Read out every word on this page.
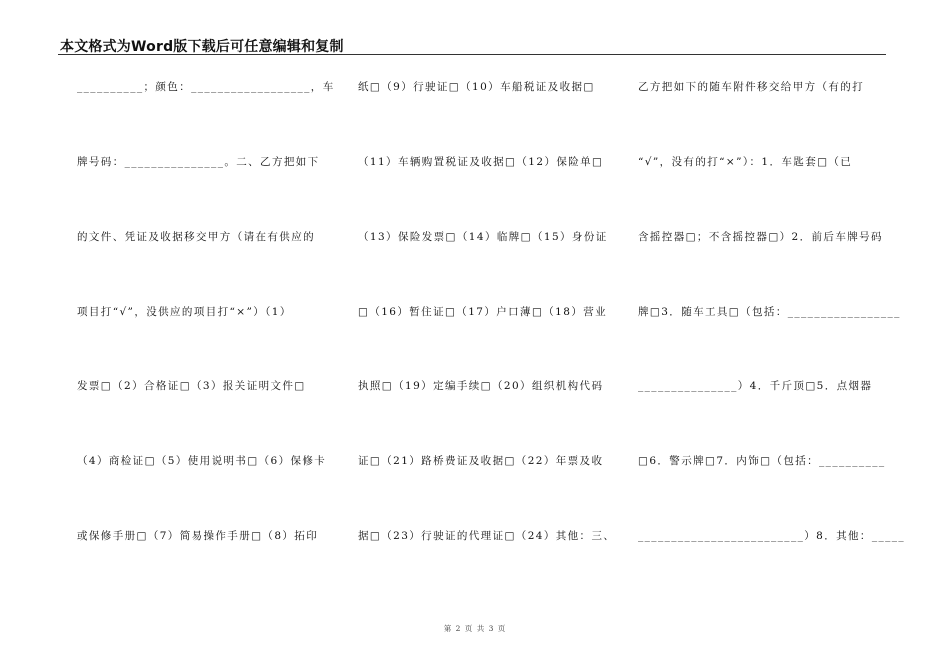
本文格式为Word版下载后可任意编辑和复制
__________；颜色：__________________，车
牌号码：_______________。二、乙方把如下
的文件、凭证及收据移交甲方（请在有供应的
项目打“√”，没供应的项目打“×”）（1）
发票□（2）合格证□（3）报关证明文件□
（4）商检证□（5）使用说明书□（6）保修卡
或保修手册□（7）简易操作手册□（8）拓印
纸□（9）行驶证□（10）车船税证及收据□
（11）车辆购置税证及收据□（12）保险单□
（13）保险发票□（14）临牌□（15）身份证
□（16）暂住证□（17）户口薄□（18）营业
执照□（19）定编手续□（20）组织机构代码
证□（21）路桥费证及收据□（22）年票及收
据□（23）行驶证的代理证□（24）其他：三、
乙方把如下的随车附件移交给甲方（有的打
“√”，没有的打“×”）：1．车匙套□（已
含摇控器□；不含摇控器□）2．前后车牌号码
牌□3．随车工具□（包括：_________________
_______________）4．千斤顶□5．点烟器
□6．警示牌□7．内饰□（包括：__________
_________________________）8．其他：_____
第 2 页 共 3 页
